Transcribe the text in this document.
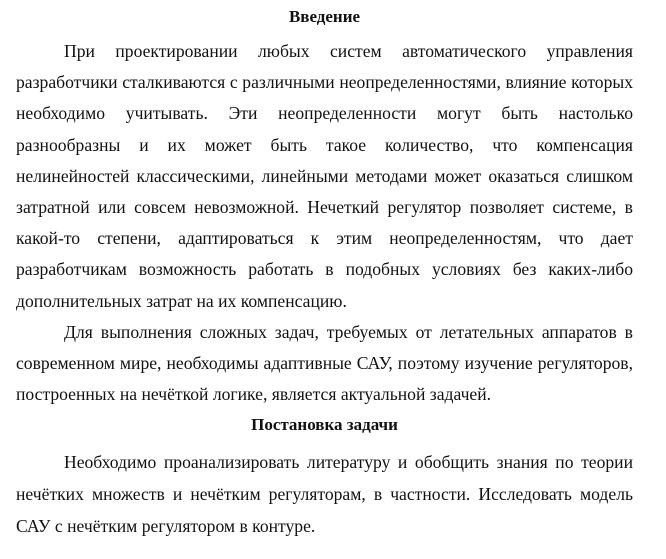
Введение

При проектировании любых систем автоматического управления разработчики сталкиваются с различными неопределенностями, влияние которых необходимо учитывать. Эти неопределенности могут быть настолько разнообразны и их может быть такое количество, что компенсация нелинейностей классическими, линейными методами может оказаться слишком затратной или совсем невозможной. Нечеткий регулятор позволяет системе, в какой-то степени, адаптироваться к этим неопределенностям, что дает разработчикам возможность работать в подобных условиях без каких-либо дополнительных затрат на их компенсацию.

Для выполнения сложных задач, требуемых от летательных аппаратов в современном мире, необходимы адаптивные САУ, поэтому изучение регуляторов, построенных на нечёткой логике, является актуальной задачей.

Постановка задачи

Необходимо проанализировать литературу и обобщить знания по теории нечётких множеств и нечётким регуляторам, в частности. Исследовать модель САУ с нечётким регулятором в контуре.
